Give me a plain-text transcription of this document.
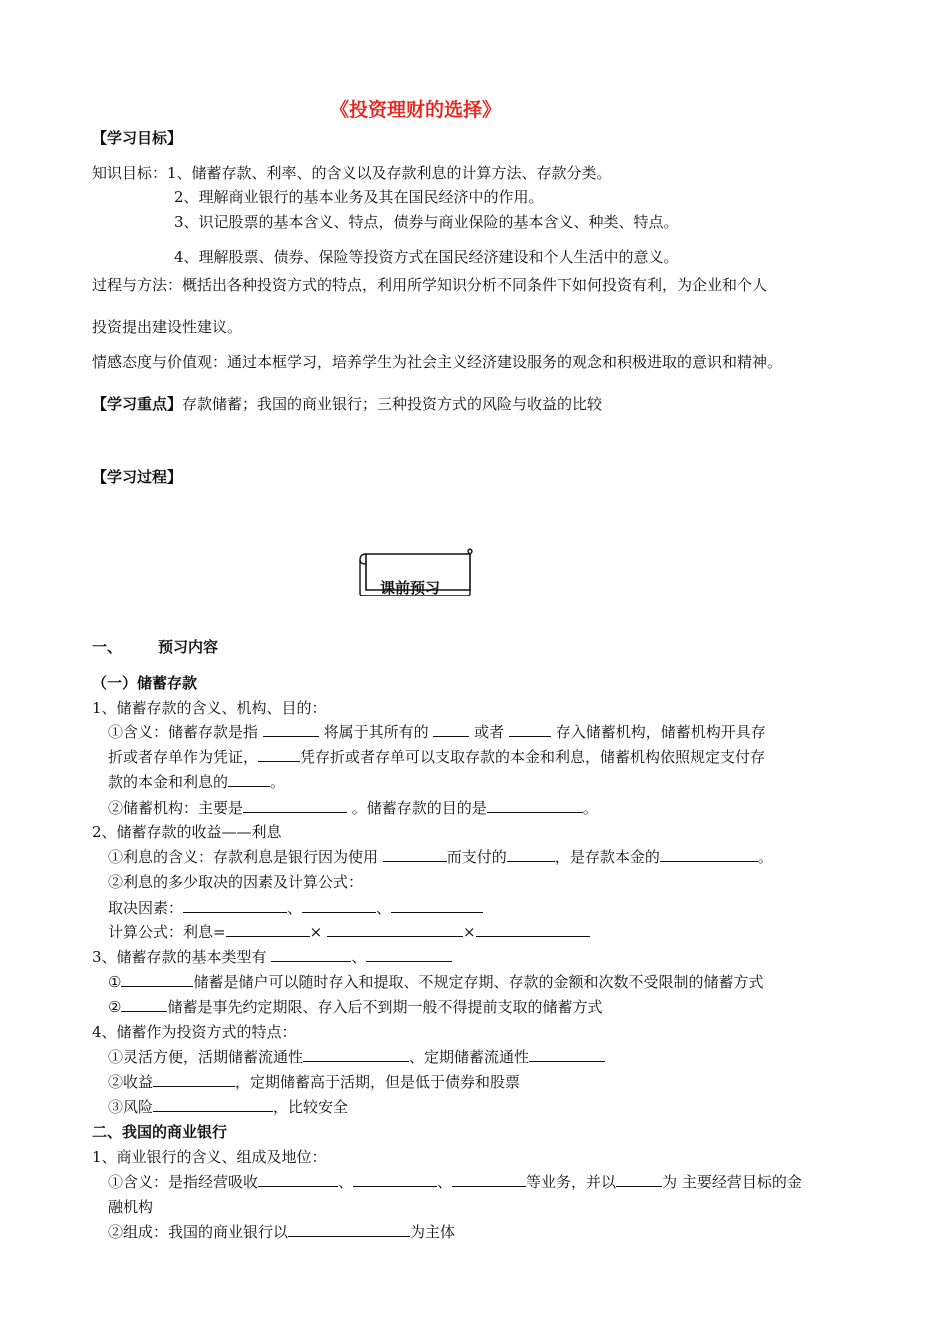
《投资理财的选择》
【学习目标】
知识目标：1、储蓄存款、利率、的含义以及存款利息的计算方法、存款分类。
2、理解商业银行的基本业务及其在国民经济中的作用。
3、识记股票的基本含义、特点，债券与商业保险的基本含义、种类、特点。
4、理解股票、债券、保险等投资方式在国民经济建设和个人生活中的意义。
过程与方法：概括出各种投资方式的特点，利用所学知识分析不同条件下如何投资有利，为企业和个人
投资提出建设性建议。
情感态度与价值观：通过本框学习，培养学生为社会主义经济建设服务的观念和积极进取的意识和精神。
【学习重点】存款储蓄；我国的商业银行；三种投资方式的风险与收益的比较
【学习过程】
课前预习
一、 预习内容
（一）储蓄存款
1、储蓄存款的含义、机构、目的：
①含义：储蓄存款是指	将属于其所有的	或者	存入储蓄机构，储蓄机构开具存
折或者存单作为凭证，	凭存折或者存单可以支取存款的本金和利息，储蓄机构依照规定支付存
款的本金和利息的	。
②储蓄机构：主要是	。储蓄存款的目的是	。
2、储蓄存款的收益——利息
①利息的含义：存款利息是银行因为使用	而支付的	，是存款本金的	。
②利息的多少取决的因素及计算公式：
取决因素：	、	、
计算公式：利息=	×	×
3、储蓄存款的基本类型有	、
①	储蓄是储户可以随时存入和提取、不规定存期、存款的金额和次数不受限制的储蓄方式
②	储蓄是事先约定期限、存入后不到期一般不得提前支取的储蓄方式
4、储蓄作为投资方式的特点：
①灵活方便，活期储蓄流通性	、定期储蓄流通性
②收益	，定期储蓄高于活期，但是低于债券和股票
③风险	，比较安全
二、我国的商业银行
1、商业银行的含义、组成及地位：
①含义：是指经营吸收	、	、	等业务，并以	为 主要经营目标的金
融机构
②组成：我国的商业银行以	为主体
